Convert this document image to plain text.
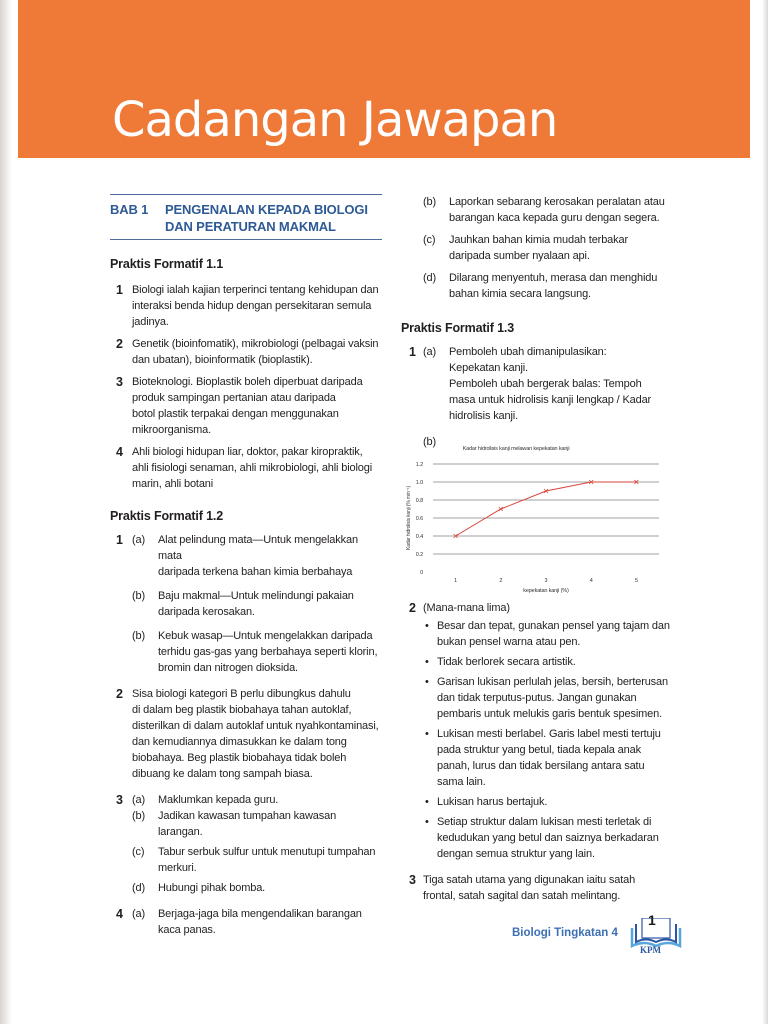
Cadangan Jawapan
BAB 1	PENGENALAN KEPADA BIOLOGI
DAN PERATURAN MAKMAL
Praktis Formatif 1.1
1 Biologi ialah kajian terperinci tentang kehidupan dan
interaksi benda hidup dengan persekitaran semula
jadinya.
2 Genetik (bioinfomatik), mikrobiologi (pelbagai vaksin
dan ubatan), bioinformatik (bioplastik).
3 Bioteknologi. Bioplastik boleh diperbuat daripada
produk sampingan pertanian atau daripada
botol plastik terpakai dengan menggunakan
mikroorganisma.
4 Ahli biologi hidupan liar, doktor, pakar kiropraktik,
ahli fisiologi senaman, ahli mikrobiologi, ahli biologi
marin, ahli botani
Praktis Formatif 1.2
1 (a)	Alat pelindung mata—Untuk mengelakkan mata
daripada terkena bahan kimia berbahaya
(b)	Baju makmal—Untuk melindungi pakaian
daripada kerosakan.
(b)	Kebuk wasap—Untuk mengelakkan daripada
terhidu gas-gas yang berbahaya seperti klorin,
bromin dan nitrogen dioksida.
2 Sisa biologi kategori B perlu dibungkus dahulu
di dalam beg plastik biobahaya tahan autoklaf,
disterilkan di dalam autoklaf untuk nyahkontaminasi,
dan kemudiannya dimasukkan ke dalam tong
biobahaya. Beg plastik biobahaya tidak boleh
dibuang ke dalam tong sampah biasa.
3 (a)	Maklumkan kepada guru.
(b)	Jadikan kawasan tumpahan kawasan larangan.
(c)	Tabur serbuk sulfur untuk menutupi tumpahan
merkuri.
(d)	Hubungi pihak bomba.
4 (a)	Berjaga-jaga bila mengendalikan barangan
kaca panas.
(b)	Laporkan sebarang kerosakan peralatan atau
barangan kaca kepada guru dengan segera.
(c)	Jauhkan bahan kimia mudah terbakar
daripada sumber nyalaan api.
(d)	Dilarang menyentuh, merasa dan menghidu
bahan kimia secara langsung.
Praktis Formatif 1.3
1 (a)	Pemboleh ubah dimanipulasikan:
Kepekatan kanji.
Pemboleh ubah bergerak balas: Tempoh
masa untuk hidrolisis kanji lengkap / Kadar
hidrolisis kanji.
(b)
Kadar hidrolisis kanji melawan kepekatan kanji
0
0.2
0.4
0.6
0.8
1.0
1.2
1	2	3	4	5
kepekatan kanji (%)
Kadar hidrolisis kanji (% min⁻¹)
2 (Mana-mana lima)
• Besar dan tepat, gunakan pensel yang tajam dan
bukan pensel warna atau pen.
• Tidak berlorek secara artistik.
• Garisan lukisan perlulah jelas, bersih, berterusan
dan tidak terputus-putus. Jangan gunakan
pembaris untuk melukis garis bentuk spesimen.
• Lukisan mesti berlabel. Garis label mesti tertuju
pada struktur yang betul, tiada kepala anak
panah, lurus dan tidak bersilang antara satu
sama lain.
• Lukisan harus bertajuk.
• Setiap struktur dalam lukisan mesti terletak di
kedudukan yang betul dan saiznya berkadaran
dengan semua struktur yang lain.
3 Tiga satah utama yang digunakan iaitu satah
frontal, satah sagital dan satah melintang.
Biologi Tingkatan 4
1
KPM
